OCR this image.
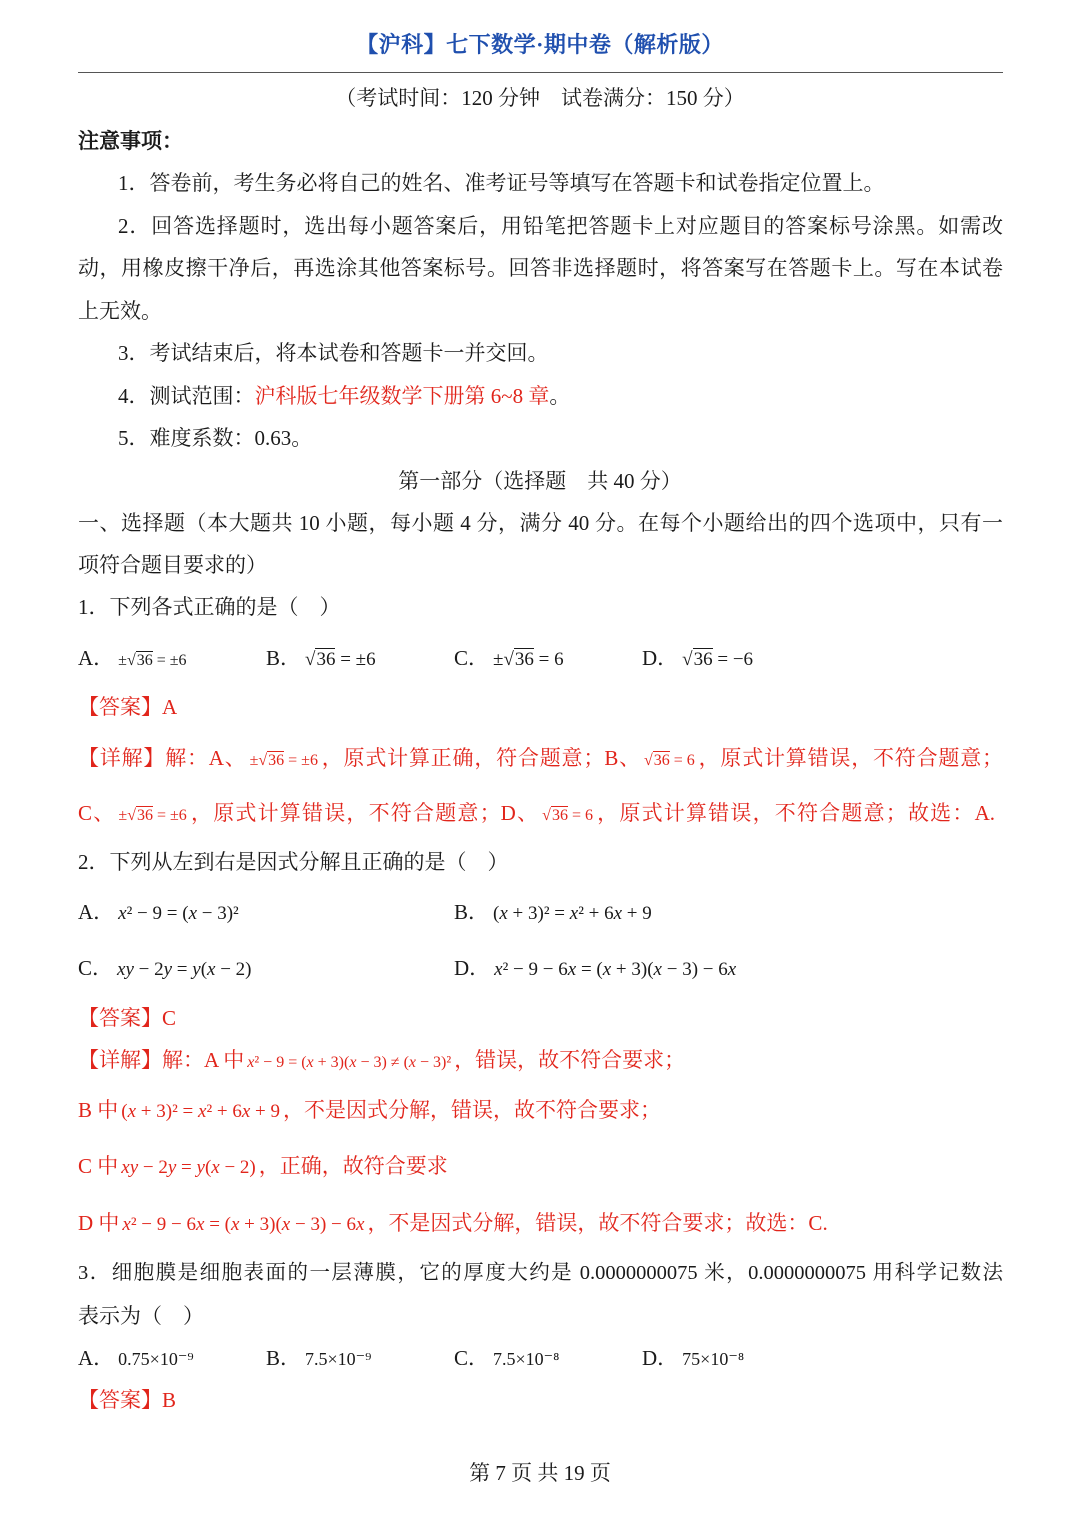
【沪科】七下数学·期中卷（解析版）
（考试时间：120 分钟　试卷满分：150 分）
注意事项：
1．答卷前，考生务必将自己的姓名、准考证号等填写在答题卡和试卷指定位置上。
2．回答选择题时，选出每小题答案后，用铅笔把答题卡上对应题目的答案标号涂黑。如需改
动，用橡皮擦干净后，再选涂其他答案标号。回答非选择题时，将答案写在答题卡上。写在本试卷
上无效。
3．考试结束后，将本试卷和答题卡一并交回。
4．测试范围：沪科版七年级数学下册第 6~8 章。
5．难度系数：0.63。
第一部分（选择题　共 40 分）
一、选择题（本大题共 10 小题，每小题 4 分，满分 40 分。在每个小题给出的四个选项中，只有一
项符合题目要求的）
1．下列各式正确的是（　）
A． ±√36 = ±6	B． √36 = ±6	C． ±√36 = 6	D． √36 = −6
【答案】A
【详解】解：A、 ±√36 = ±6 ，原式计算正确，符合题意；B、 √36 = 6 ，原式计算错误，不符合题意；
C、 ±√36 = ±6 ，原式计算错误，不符合题意；D、 √36 = 6 ，原式计算错误，不符合题意；故选：A.
2．下列从左到右是因式分解且正确的是（　）
A． x² − 9 = (x − 3)²	B． (x + 3)² = x² + 6x + 9
C． xy − 2y = y(x − 2)	D． x² − 9 − 6x = (x + 3)(x − 3) − 6x
【答案】C
【详解】解：A 中 x² − 9 = (x + 3)(x − 3) ≠ (x − 3)² ，错误，故不符合要求；
B 中 (x + 3)² = x² + 6x + 9 ，不是因式分解，错误，故不符合要求；
C 中 xy − 2y = y(x − 2) ，正确，故符合要求
D 中 x² − 9 − 6x = (x + 3)(x − 3) − 6x ，不是因式分解，错误，故不符合要求；故选：C.
3．细胞膜是细胞表面的一层薄膜，它的厚度大约是 0.0000000075 米，0.0000000075 用科学记数法
表示为（　）
A． 0.75×10⁻⁹	B． 7.5×10⁻⁹	C． 7.5×10⁻⁸	D． 75×10⁻⁸
【答案】B
第 7 页 共 19 页
